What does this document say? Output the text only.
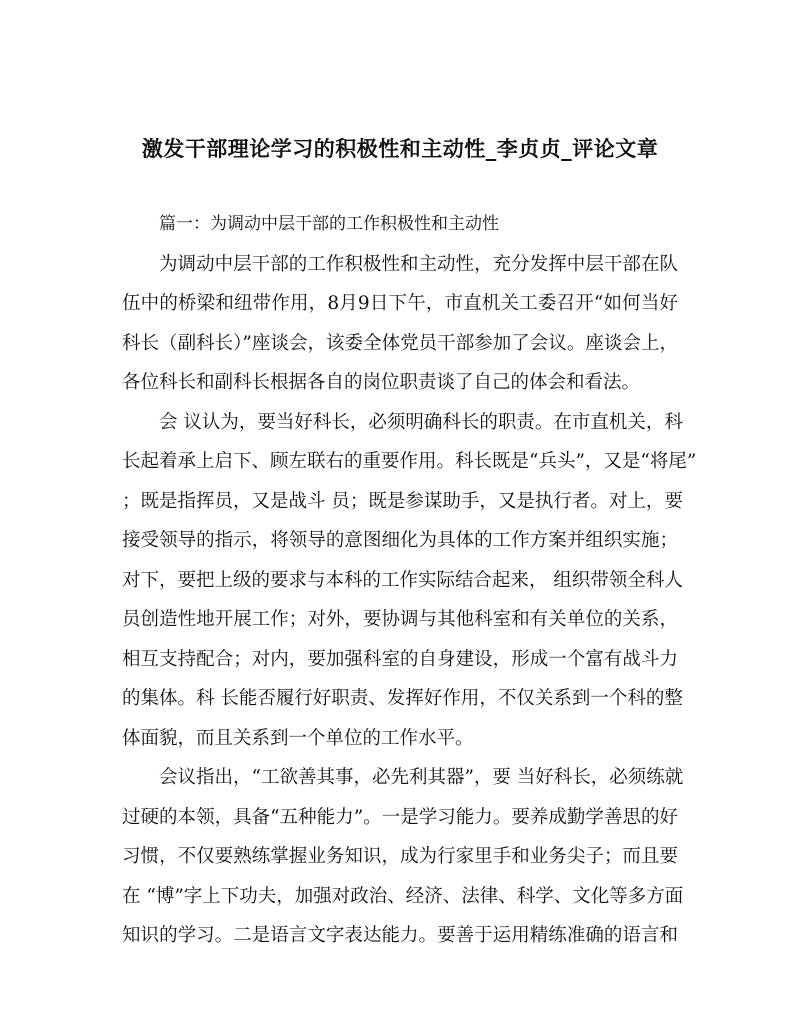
激发干部理论学习的积极性和主动性_李贞贞_评论文章
篇一：为调动中层干部的工作积极性和主动性
为调动中层干部的工作积极性和主动性，充分发挥中层干部在队
伍中的桥梁和纽带作用，8月9日下午，市直机关工委召开“如何当好
科长（副科长）”座谈会，该委全体党员干部参加了会议。座谈会上，
各位科长和副科长根据各自的岗位职责谈了自己的体会和看法。
会 议认为，要当好科长，必须明确科长的职责。在市直机关，科
长起着承上启下、顾左联右的重要作用。科长既是“兵头”，又是“将尾”
；既是指挥员，又是战斗 员；既是参谋助手，又是执行者。对上，要
接受领导的指示，将领导的意图细化为具体的工作方案并组织实施；
对下，要把上级的要求与本科的工作实际结合起来， 组织带领全科人
员创造性地开展工作；对外，要协调与其他科室和有关单位的关系，
相互支持配合；对内，要加强科室的自身建设，形成一个富有战斗力
的集体。科 长能否履行好职责、发挥好作用，不仅关系到一个科的整
体面貌，而且关系到一个单位的工作水平。
会议指出，“工欲善其事，必先利其器”，要 当好科长，必须练就
过硬的本领，具备“五种能力”。一是学习能力。要养成勤学善思的好
习惯，不仅要熟练掌握业务知识，成为行家里手和业务尖子；而且要
在 “博”字上下功夫，加强对政治、经济、法律、科学、文化等多方面
知识的学习。二是语言文字表达能力。要善于运用精练准确的语言和
